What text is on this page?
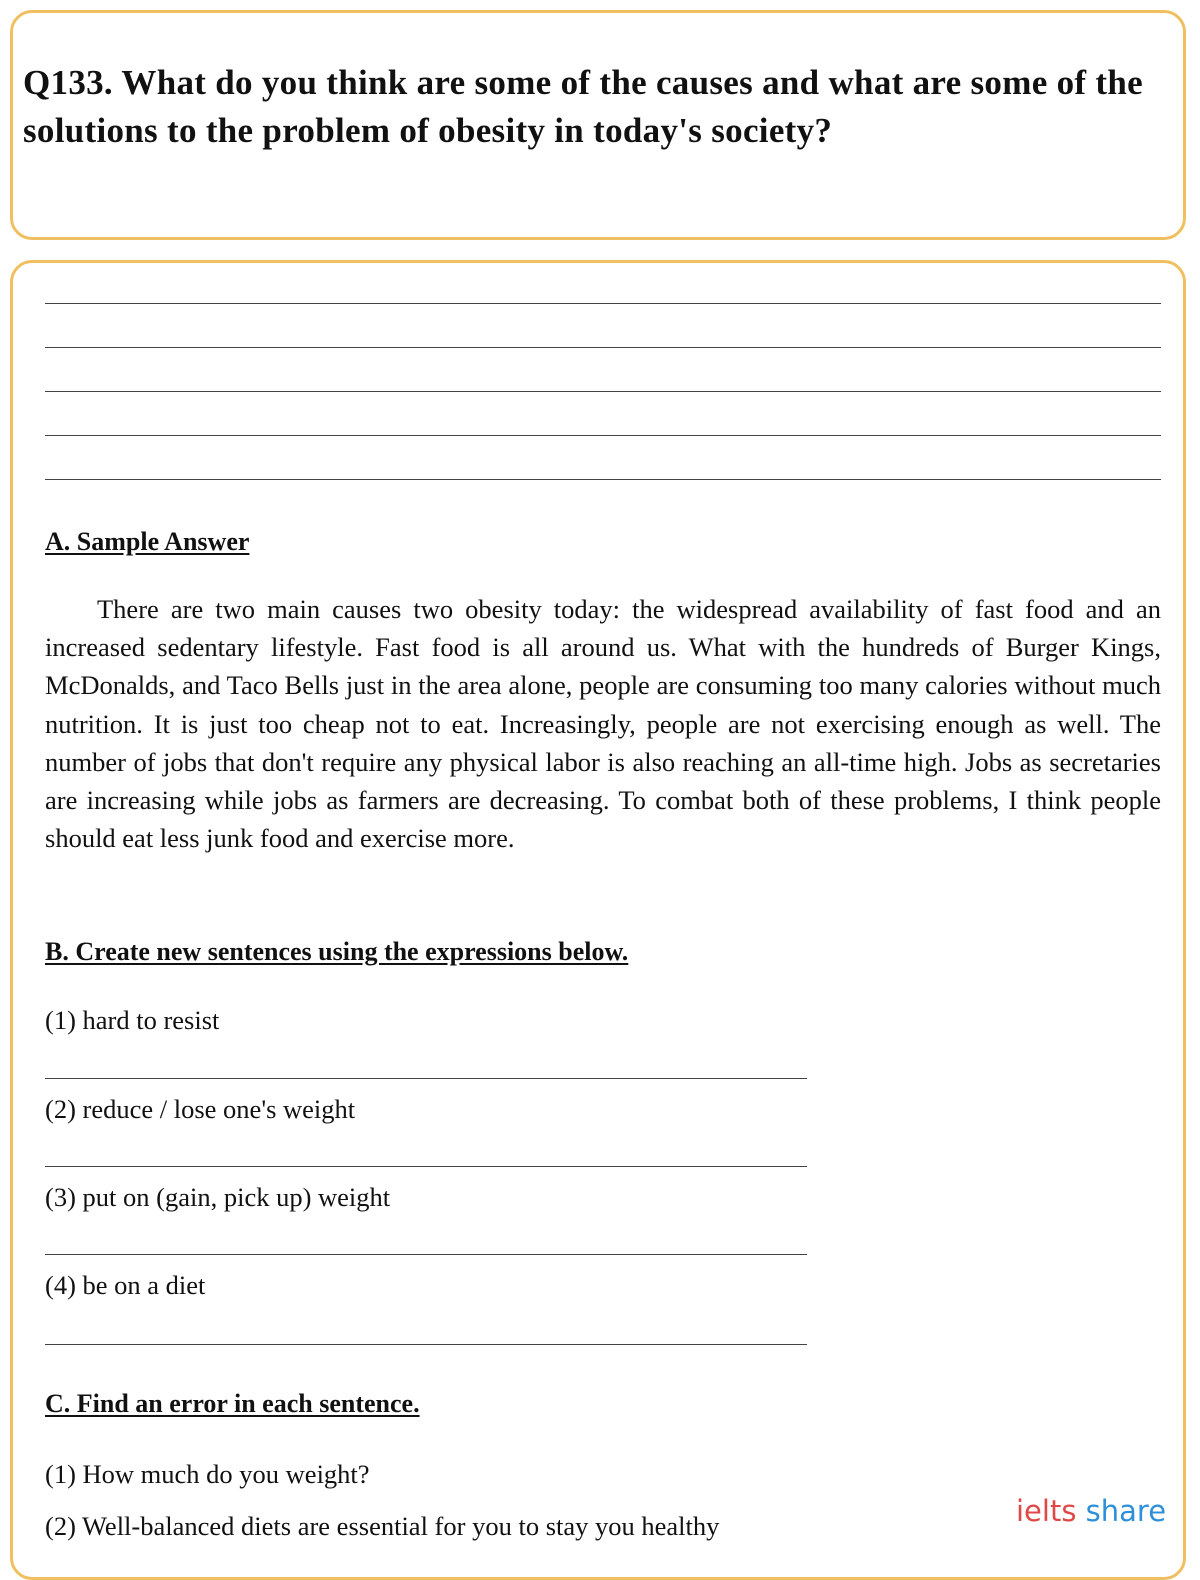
Q133. What do you think are some of the causes and what are some of the solutions to the problem of obesity in today's society?
A. Sample Answer

There are two main causes two obesity today: the widespread availability of fast food and an increased sedentary lifestyle. Fast food is all around us. What with the hundreds of Burger Kings, McDonalds, and Taco Bells just in the area alone, people are consuming too many calories without much nutrition. It is just too cheap not to eat. Increasingly, people are not exercising enough as well. The number of jobs that don't require any physical labor is also reaching an all-time high. Jobs as secretaries are increasing while jobs as farmers are decreasing. To combat both of these problems, I think people should eat less junk food and exercise more.

B. Create new sentences using the expressions below.

(1) hard to resist

(2) reduce / lose one's weight

(3) put on (gain, pick up) weight

(4) be on a diet

C. Find an error in each sentence.

(1) How much do you weight?

(2) Well-balanced diets are essential for you to stay you healthy	ielts share
